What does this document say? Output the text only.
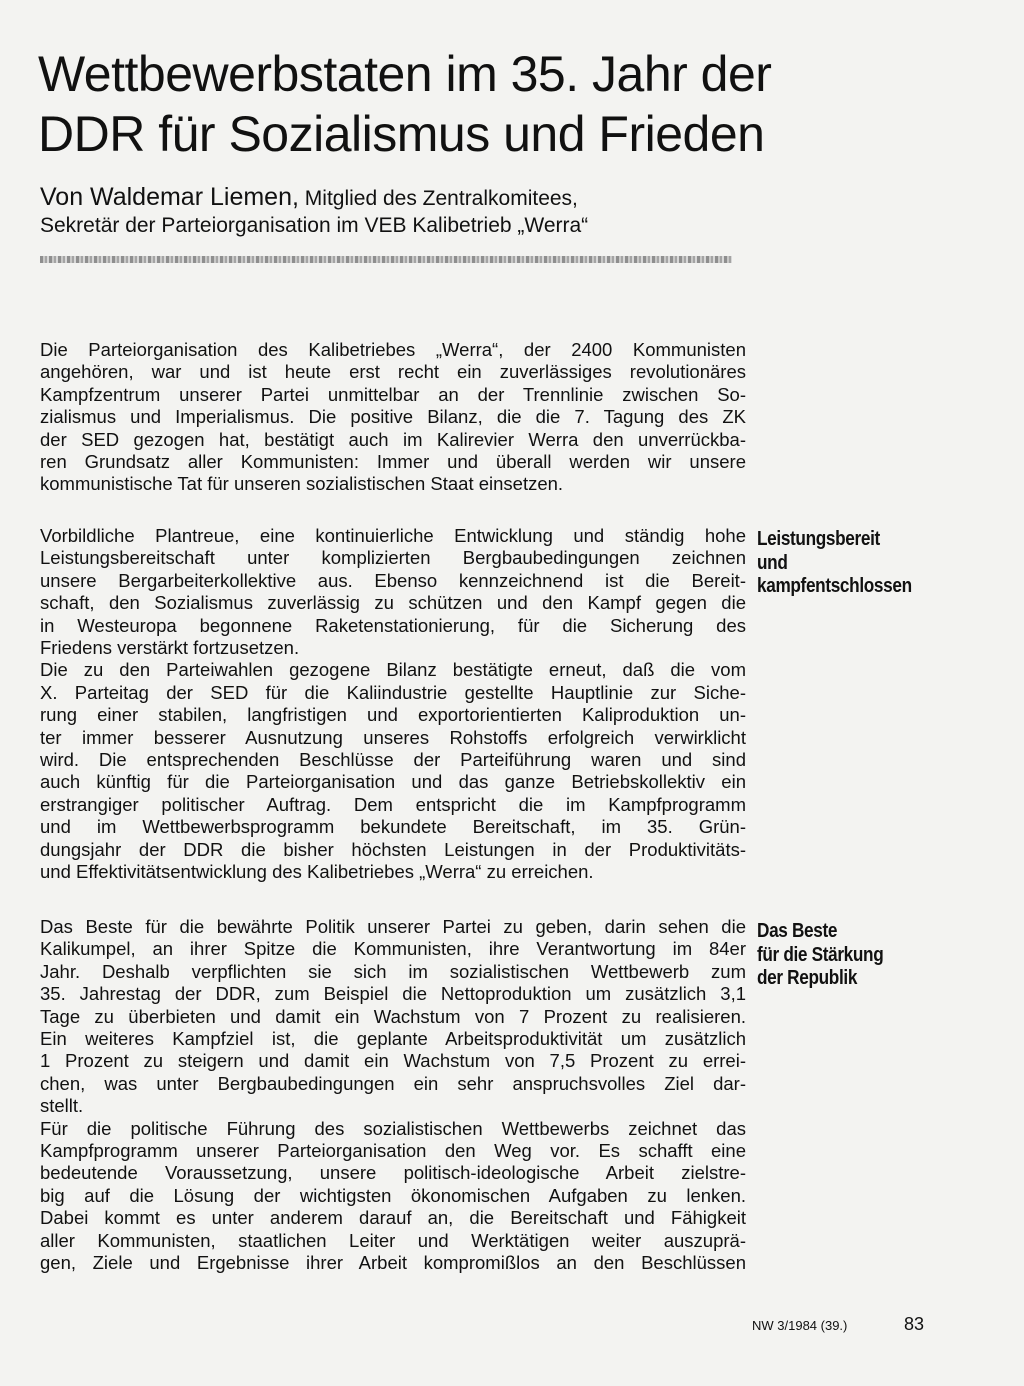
Wettbewerbstaten im 35. Jahr der
DDR für Sozialismus und Frieden
Von Waldemar Liemen, Mitglied des Zentralkomitees,
Sekretär der Parteiorganisation im VEB Kalibetrieb „Werra“
Die Parteiorganisation des Kalibetriebes „Werra“, der 2400 Kommunisten
angehören, war und ist heute erst recht ein zuverlässiges revolutionäres
Kampfzentrum unserer Partei unmittelbar an der Trennlinie zwischen So-
zialismus und Imperialismus. Die positive Bilanz, die die 7. Tagung des ZK
der SED gezogen hat, bestätigt auch im Kalirevier Werra den unverrückba-
ren Grundsatz aller Kommunisten: Immer und überall werden wir unsere
kommunistische Tat für unseren sozialistischen Staat einsetzen.
Vorbildliche Plantreue, eine kontinuierliche Entwicklung und ständig hohe
Leistungsbereitschaft unter komplizierten Bergbaubedingungen zeichnen
unsere Bergarbeiterkollektive aus. Ebenso kennzeichnend ist die Bereit-
schaft, den Sozialismus zuverlässig zu schützen und den Kampf gegen die
in Westeuropa begonnene Raketenstationierung, für die Sicherung des
Friedens verstärkt fortzusetzen.
Die zu den Parteiwahlen gezogene Bilanz bestätigte erneut, daß die vom
X. Parteitag der SED für die Kaliindustrie gestellte Hauptlinie zur Siche-
rung einer stabilen, langfristigen und exportorientierten Kaliproduktion un-
ter immer besserer Ausnutzung unseres Rohstoffs erfolgreich verwirklicht
wird. Die entsprechenden Beschlüsse der Parteiführung waren und sind
auch künftig für die Parteiorganisation und das ganze Betriebskollektiv ein
erstrangiger politischer Auftrag. Dem entspricht die im Kampfprogramm
und im Wettbewerbsprogramm bekundete Bereitschaft, im 35. Grün-
dungsjahr der DDR die bisher höchsten Leistungen in der Produktivitäts-
und Effektivitätsentwicklung des Kalibetriebes „Werra“ zu erreichen.
Das Beste für die bewährte Politik unserer Partei zu geben, darin sehen die
Kalikumpel, an ihrer Spitze die Kommunisten, ihre Verantwortung im 84er
Jahr. Deshalb verpflichten sie sich im sozialistischen Wettbewerb zum
35. Jahrestag der DDR, zum Beispiel die Nettoproduktion um zusätzlich 3,1
Tage zu überbieten und damit ein Wachstum von 7 Prozent zu realisieren.
Ein weiteres Kampfziel ist, die geplante Arbeitsproduktivität um zusätzlich
1 Prozent zu steigern und damit ein Wachstum von 7,5 Prozent zu errei-
chen, was unter Bergbaubedingungen ein sehr anspruchsvolles Ziel dar-
stellt.
Für die politische Führung des sozialistischen Wettbewerbs zeichnet das
Kampfprogramm unserer Parteiorganisation den Weg vor. Es schafft eine
bedeutende Voraussetzung, unsere politisch-ideologische Arbeit zielstre-
big auf die Lösung der wichtigsten ökonomischen Aufgaben zu lenken.
Dabei kommt es unter anderem darauf an, die Bereitschaft und Fähigkeit
aller Kommunisten, staatlichen Leiter und Werktätigen weiter auszuprä-
gen, Ziele und Ergebnisse ihrer Arbeit kompromißlos an den Beschlüssen
Leistungsbereit
und
kampfentschlossen
Das Beste
für die Stärkung
der Republik
NW 3/1984 (39.)	83
